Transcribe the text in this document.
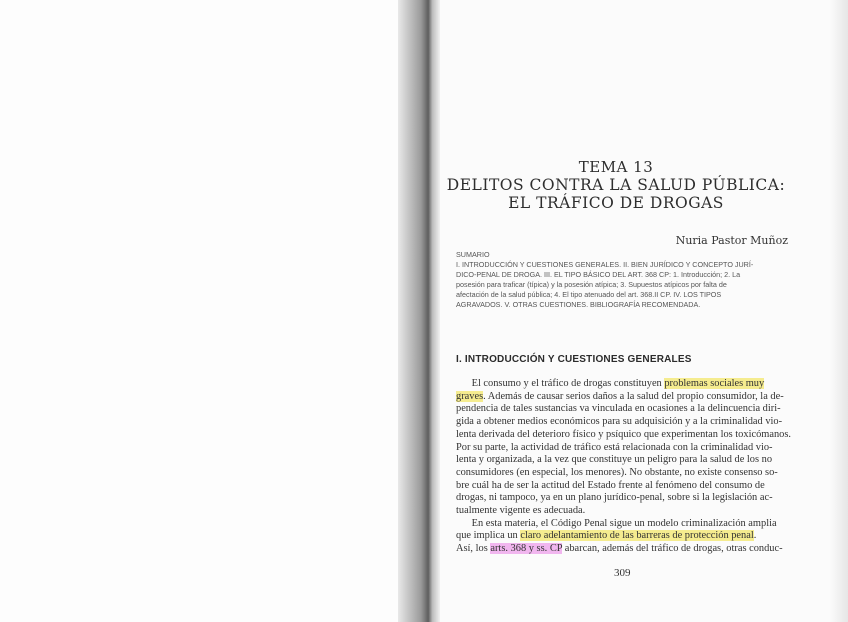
TEMA 13
DELITOS CONTRA LA SALUD PÚBLICA:
EL TRÁFICO DE DROGAS
Nuria Pastor Muñoz

SUMARIO

I. INTRODUCCIÓN Y CUESTIONES GENERALES. II. BIEN JURÍDICO Y CONCEPTO JURÍ-

DICO-PENAL DE DROGA. III. EL TIPO BÁSICO DEL ART. 368 CP: 1. Introducción; 2. La

posesión para traficar (típica) y la posesión atípica; 3. Supuestos atípicos por falta de

afectación de la salud pública; 4. El tipo atenuado del art. 368.II CP. IV. LOS TIPOS

AGRAVADOS. V. OTRAS CUESTIONES. BIBLIOGRAFÍA RECOMENDADA.

I. INTRODUCCIÓN Y CUESTIONES GENERALES

  El consumo y el tráfico de drogas constituyen problemas sociales muy

graves. Además de causar serios daños a la salud del propio consumidor, la de-

pendencia de tales sustancias va vinculada en ocasiones a la delincuencia diri-

gida a obtener medios económicos para su adquisición y a la criminalidad vio-

lenta derivada del deterioro físico y psíquico que experimentan los toxicómanos.

Por su parte, la actividad de tráfico está relacionada con la criminalidad vio-

lenta y organizada, a la vez que constituye un peligro para la salud de los no

consumidores (en especial, los menores). No obstante, no existe consenso so-

bre cuál ha de ser la actitud del Estado frente al fenómeno del consumo de

drogas, ni tampoco, ya en un plano jurídico-penal, sobre si la legislación ac-

tualmente vigente es adecuada.

  En esta materia, el Código Penal sigue un modelo criminalización amplia

que implica un claro adelantamiento de las barreras de protección penal.

Así, los arts. 368 y ss. CP abarcan, además del tráfico de drogas, otras conduc-

309
